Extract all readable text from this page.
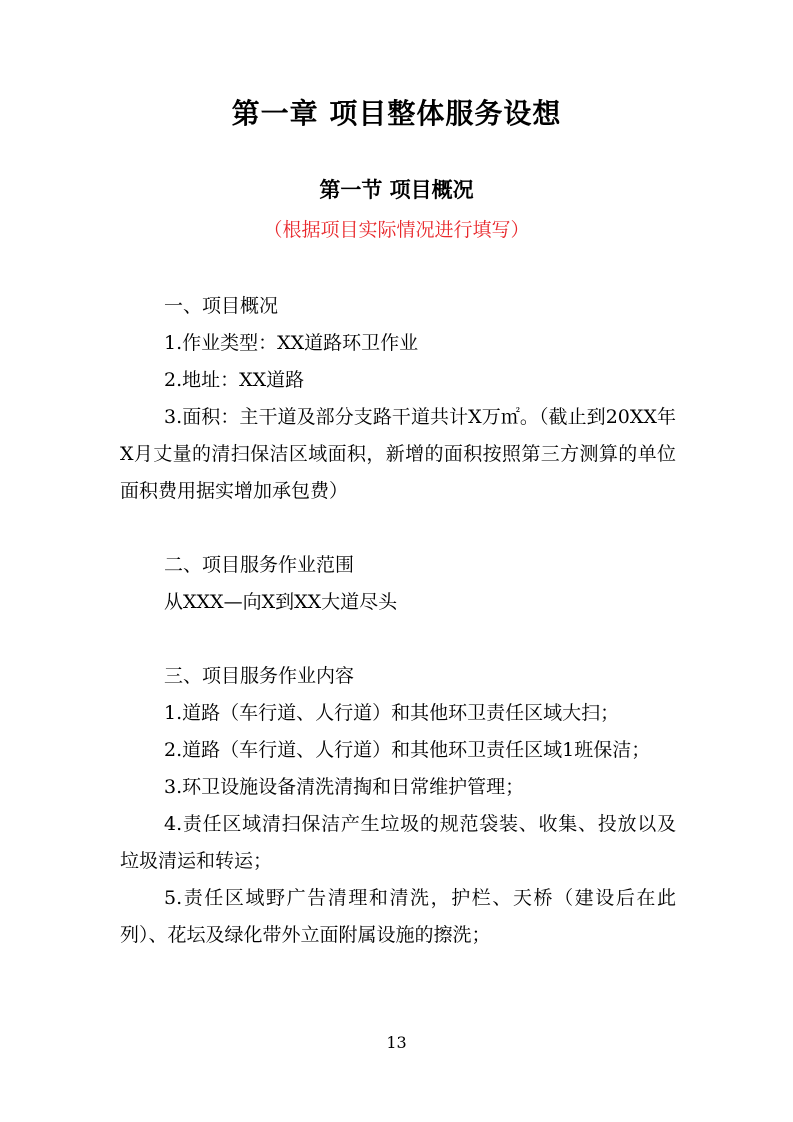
第一章 项目整体服务设想
第一节 项目概况
（根据项目实际情况进行填写）

一、项目概况

1.作业类型：XX道路环卫作业

2.地址：XX道路

3.面积：主干道及部分支路干道共计X万㎡。（截止到20XX年X月丈量的清扫保洁区域面积，新增的面积按照第三方测算的单位面积费用据实增加承包费）

二、项目服务作业范围

从XXX—向X到XX大道尽头

三、项目服务作业内容

1.道路（车行道、人行道）和其他环卫责任区域大扫；

2.道路（车行道、人行道）和其他环卫责任区域1班保洁；

3.环卫设施设备清洗清掏和日常维护管理；

4.责任区域清扫保洁产生垃圾的规范袋装、收集、投放以及垃圾清运和转运；

5.责任区域野广告清理和清洗，护栏、天桥（建设后在此列）、花坛及绿化带外立面附属设施的擦洗；

13
